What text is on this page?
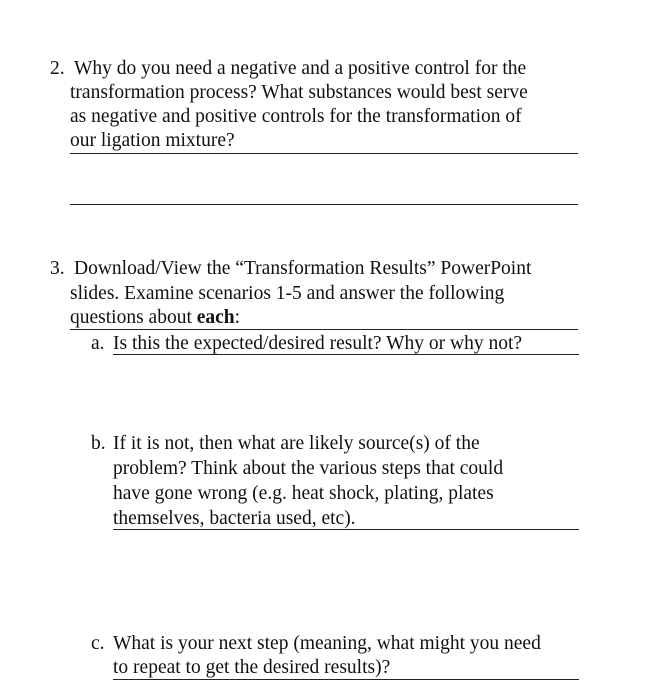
2. Why do you need a negative and a positive control for the
transformation process? What substances would best serve
as negative and positive controls for the transformation of
our ligation mixture?
3. Download/View the “Transformation Results” PowerPoint
slides. Examine scenarios 1-5 and answer the following
questions about each:
a. Is this the expected/desired result? Why or why not?
b. If it is not, then what are likely source(s) of the
problem? Think about the various steps that could
have gone wrong (e.g. heat shock, plating, plates
themselves, bacteria used, etc).
c. What is your next step (meaning, what might you need
to repeat to get the desired results)?
